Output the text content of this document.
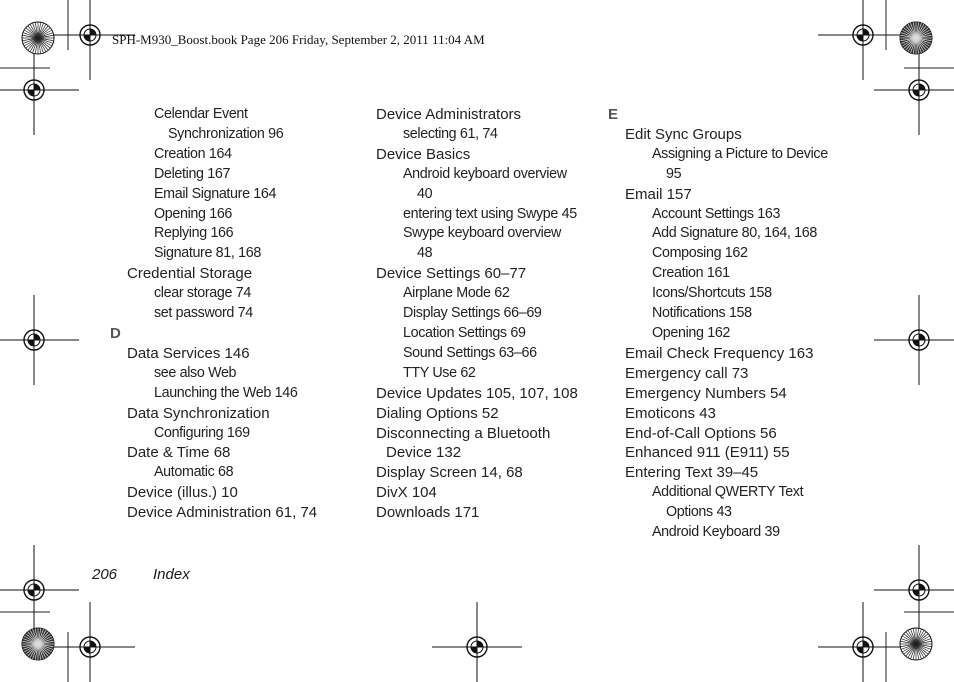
SPH-M930_Boost.book Page 206 Friday, September 2, 2011 11:04 AM
Celendar Event
Synchronization 96
Creation 164
Deleting 167
Email Signature 164
Opening 166
Replying 166
Signature 81, 168
Credential Storage
clear storage 74
set password 74
D
Data Services 146
see also Web
Launching the Web 146
Data Synchronization
Configuring 169
Date & Time 68
Automatic 68
Device (illus.) 10
Device Administration 61, 74
Device Administrators
selecting 61, 74
Device Basics
Android keyboard overview
40
entering text using Swype 45
Swype keyboard overview
48
Device Settings 60–77
Airplane Mode 62
Display Settings 66–69
Location Settings 69
Sound Settings 63–66
TTY Use 62
Device Updates 105, 107, 108
Dialing Options 52
Disconnecting a Bluetooth
Device 132
Display Screen 14, 68
DivX 104
Downloads 171
E
Edit Sync Groups
Assigning a Picture to Device
95
Email 157
Account Settings 163
Add Signature 80, 164, 168
Composing 162
Creation 161
Icons/Shortcuts 158
Notifications 158
Opening 162
Email Check Frequency 163
Emergency call 73
Emergency Numbers 54
Emoticons 43
End-of-Call Options 56
Enhanced 911 (E911) 55
Entering Text 39–45
Additional QWERTY Text
Options 43
Android Keyboard 39
206 Index
